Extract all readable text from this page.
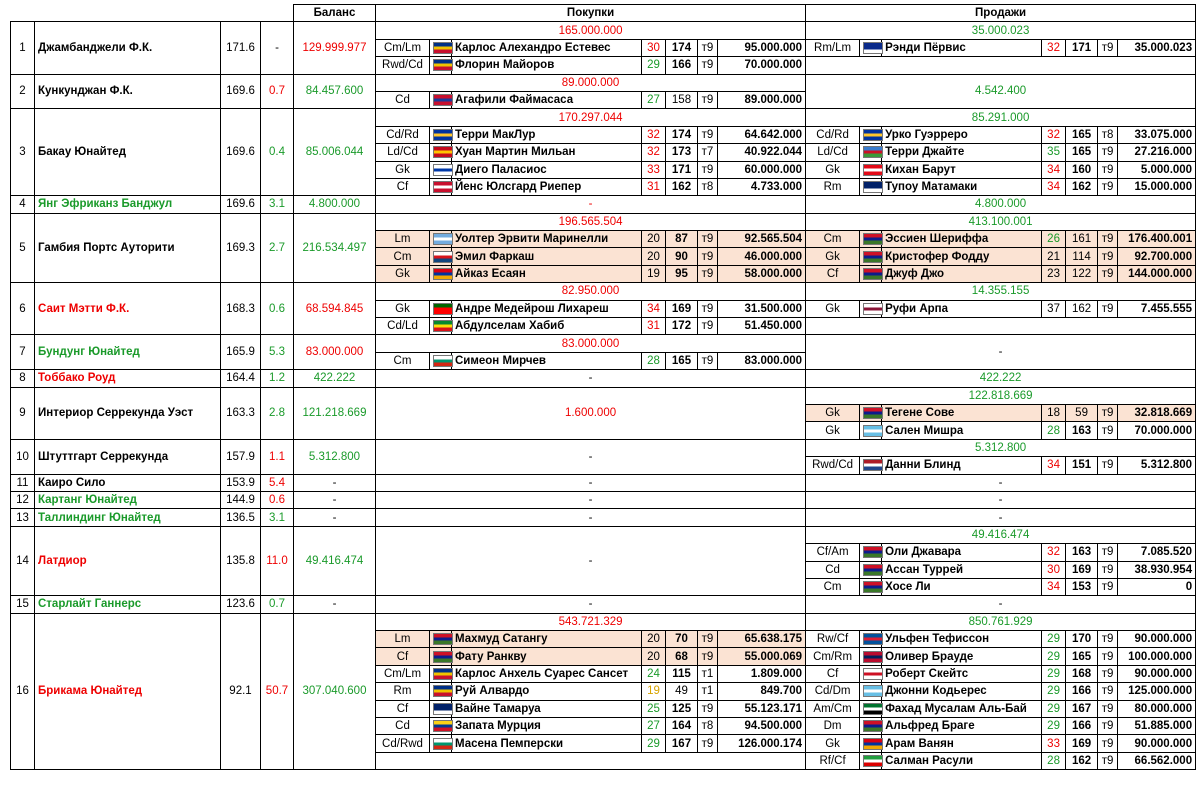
				Баланс	Покупки							Продажи						
1	Джамбанджели Ф.К.	171.6	-	129.999.977	165.000.000							35.000.023						
					Cm/Lm		Карлос Алехандро Естевес	30	174	т9	95.000.000	Rm/Lm		Рэнди Пёрвис	32	171	т9	35.000.023
					Rwd/Cd		Флорин Майоров	29	166	т9	70.000.000							
2	Кункунджан Ф.К.	169.6	0.7	84.457.600	89.000.000							4.542.400						
					Cd		Агафили Файмасаса	27	158	т9	89.000.000							
3	Бакау Юнайтед	169.6	0.4	85.006.044	170.297.044							85.291.000						
					Cd/Rd		Терри МакЛур	32	174	т9	64.642.000	Cd/Rd		Урко Гуэрреро	32	165	т8	33.075.000
					Ld/Cd		Хуан Мартин Мильан	32	173	т7	40.922.044	Ld/Cd		Терри Джайте	35	165	т9	27.216.000
					Gk		Диего Паласиос	33	171	т9	60.000.000	Gk		Кихан Барут	34	160	т9	5.000.000
					Cf		Йенс Юлсгард Риепер	31	162	т8	4.733.000	Rm		Тупоу Матамаки	34	162	т9	15.000.000
4	Янг Эфриканз Банджул	169.6	3.1	4.800.000	-							4.800.000						
5	Гамбия Портс Ауторити	169.3	2.7	216.534.497	196.565.504							413.100.001						
					Lm		Уолтер Эрвити Маринелли	20	87	т9	92.565.504	Cm		Эссиен Шериффа	26	161	т9	176.400.001
					Cm		Эмил Фаркаш	20	90	т9	46.000.000	Gk		Кристофер Фодду	21	114	т9	92.700.000
					Gk		Айказ Есаян	19	95	т9	58.000.000	Cf		Джуф Джо	23	122	т9	144.000.000
6	Саит Мэтти Ф.К.	168.3	0.6	68.594.845	82.950.000							14.355.155						
					Gk		Андре Медейрош Лихареш	34	169	т9	31.500.000	Gk		Руфи Арпа	37	162	т9	7.455.555
					Cd/Ld		Абдулселам Хабиб	31	172	т9	51.450.000							
7	Бундунг Юнайтед	165.9	5.3	83.000.000	83.000.000							-						
					Cm		Симеон Мирчев	28	165	т9	83.000.000							
8	Тоббако Роуд	164.4	1.2	422.222	-							422.222						
9	Интериор Серрекунда Уэст	163.3	2.8	121.218.669	1.600.000							122.818.669						
												Gk		Тегене Сове	18	59	т9	32.818.669
												Gk		Сален Мишра	28	163	т9	70.000.000
10	Штуттгарт Серрекунда	157.9	1.1	5.312.800	-							5.312.800						
												Rwd/Cd		Данни Блинд	34	151	т9	5.312.800
11	Каиро Сило	153.9	5.4	-	-							-						
12	Картанг Юнайтед	144.9	0.6	-	-							-						
13	Таллиндинг Юнайтед	136.5	3.1	-	-							-						
14	Латдиор	135.8	11.0	49.416.474	-							49.416.474						
												Cf/Am		Оли Джавара	32	163	т9	7.085.520
												Cd		Ассан Туррей	30	169	т9	38.930.954
												Cm		Хосе Ли	34	153	т9	0
15	Старлайт Ганнерс	123.6	0.7	-	-							-						
16	Брикама Юнайтед	92.1	50.7	307.040.600	543.721.329							850.761.929						
					Lm		Махмуд Сатангу	20	70	т9	65.638.175	Rw/Cf		Ульфен Тефиссон	29	170	т9	90.000.000
					Cf		Фату Ранкву	20	68	т9	55.000.069	Cm/Rm		Оливер Брауде	29	165	т9	100.000.000
					Cm/Lm		Карлос Анхель Суарес Сансет	24	115	т1	1.809.000	Cf		Роберт Скейтс	29	168	т9	90.000.000
					Rm		Руй Алвардо	19	49	т1	849.700	Cd/Dm		Джонни Кодьерес	29	166	т9	125.000.000
					Cf		Вайне Тамаруа	25	125	т9	55.123.171	Am/Cm		Фахад Мусалам Аль-Бай	29	167	т9	80.000.000
					Cd		Запата Мурция	27	164	т8	94.500.000	Dm		Альфред Браге	29	166	т9	51.885.000
					Cd/Rwd		Масена Пемперски	29	167	т9	126.000.174	Gk		Арам Ванян	33	169	т9	90.000.000
												Rf/Cf		Салман Расули	28	162	т9	66.562.000
